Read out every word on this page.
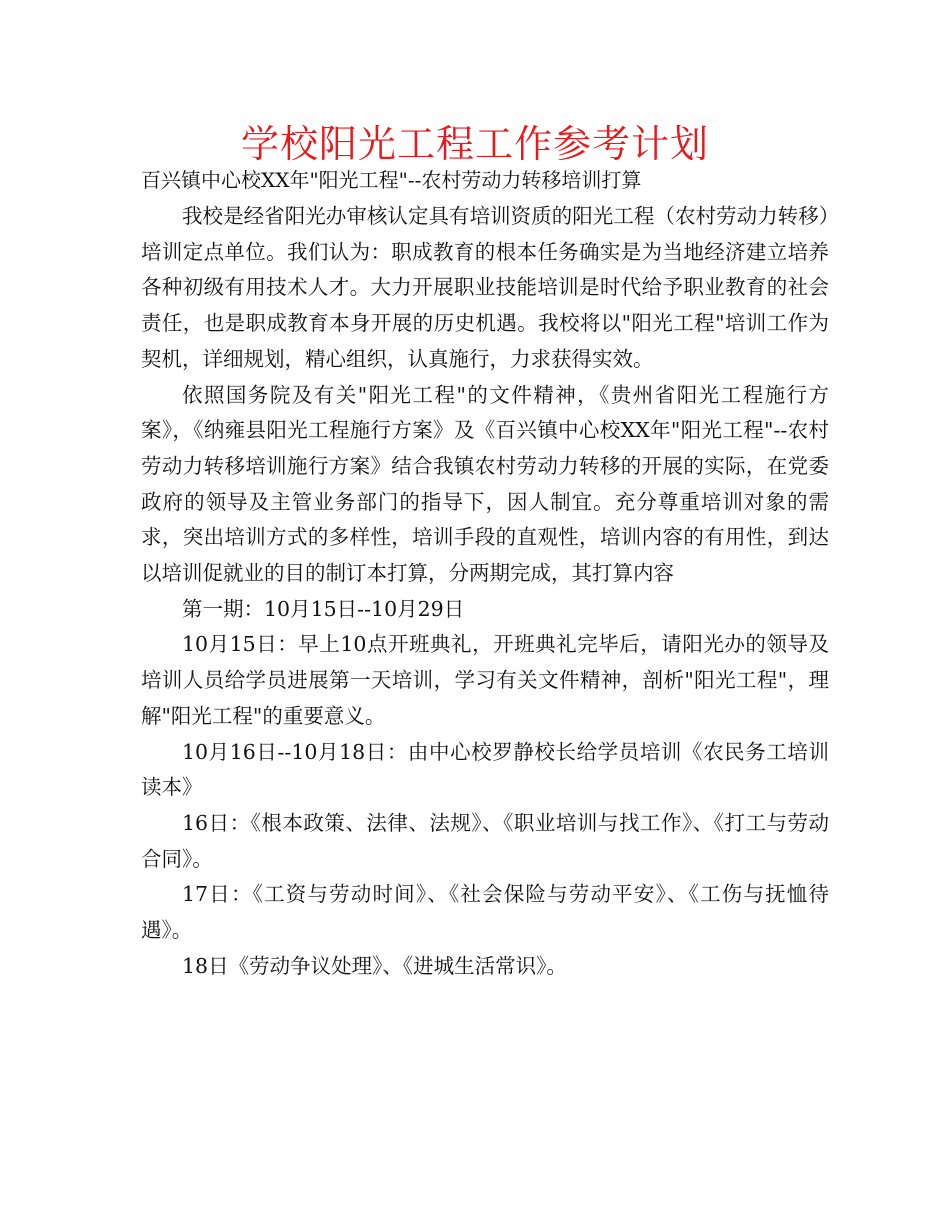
学校阳光工程工作参考计划
百兴镇中心校XX年"阳光工程"--农村劳动力转移培训打算

我校是经省阳光办审核认定具有培训资质的阳光工程（农村劳动力转移）培训定点单位。我们认为：职成教育的根本任务确实是为当地经济建立培养各种初级有用技术人才。大力开展职业技能培训是时代给予职业教育的社会责任，也是职成教育本身开展的历史机遇。我校将以"阳光工程"培训工作为契机，详细规划，精心组织，认真施行，力求获得实效。

依照国务院及有关"阳光工程"的文件精神，《贵州省阳光工程施行方案》，《纳雍县阳光工程施行方案》及《百兴镇中心校XX年"阳光工程"--农村劳动力转移培训施行方案》结合我镇农村劳动力转移的开展的实际，在党委政府的领导及主管业务部门的指导下，因人制宜。充分尊重培训对象的需求，突出培训方式的多样性，培训手段的直观性，培训内容的有用性，到达以培训促就业的目的制订本打算，分两期完成，其打算内容

第一期：10月15日--10月29日

10月15日：早上10点开班典礼，开班典礼完毕后，请阳光办的领导及培训人员给学员进展第一天培训，学习有关文件精神，剖析"阳光工程"，理解"阳光工程"的重要意义。

10月16日--10月18日：由中心校罗静校长给学员培训《农民务工培训读本》

16日：《根本政策、法律、法规》、《职业培训与找工作》、《打工与劳动合同》。

17日：《工资与劳动时间》、《社会保险与劳动平安》、《工伤与抚恤待遇》。

18日《劳动争议处理》、《进城生活常识》。
